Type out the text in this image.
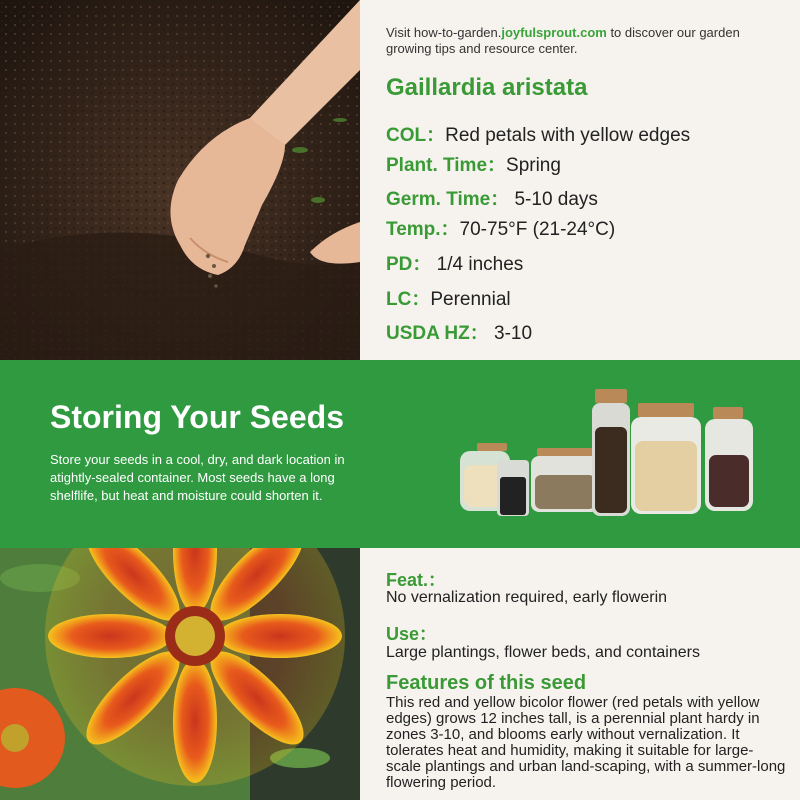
Visit how-to-garden.joyfulsprout.com to discover our garden growing tips and resource center.
Gaillardia aristata
COL：Red petals with yellow edges
Plant. Time：Spring
Germ. Time： 5-10 days
Temp.：70-75°F (21-24°C)
PD： 1/4 inches
LC：Perennial
USDA HZ： 3-10
Storing Your Seeds
Store your seeds in a cool, dry, and dark location in atightly-sealed container. Most seeds have a long shelflife, but heat and moisture could shorten it.
Feat.：
No vernalization required, early flowerin
Use：
Large plantings, flower beds, and containers
Features of this seed
This red and yellow bicolor flower (red petals with yellow edges) grows 12 inches tall, is a perennial plant hardy in zones 3-10, and blooms early without vernalization. It tolerates heat and humidity, making it suitable for large-scale plantings and urban land-scaping, with a summer-long flowering period.
